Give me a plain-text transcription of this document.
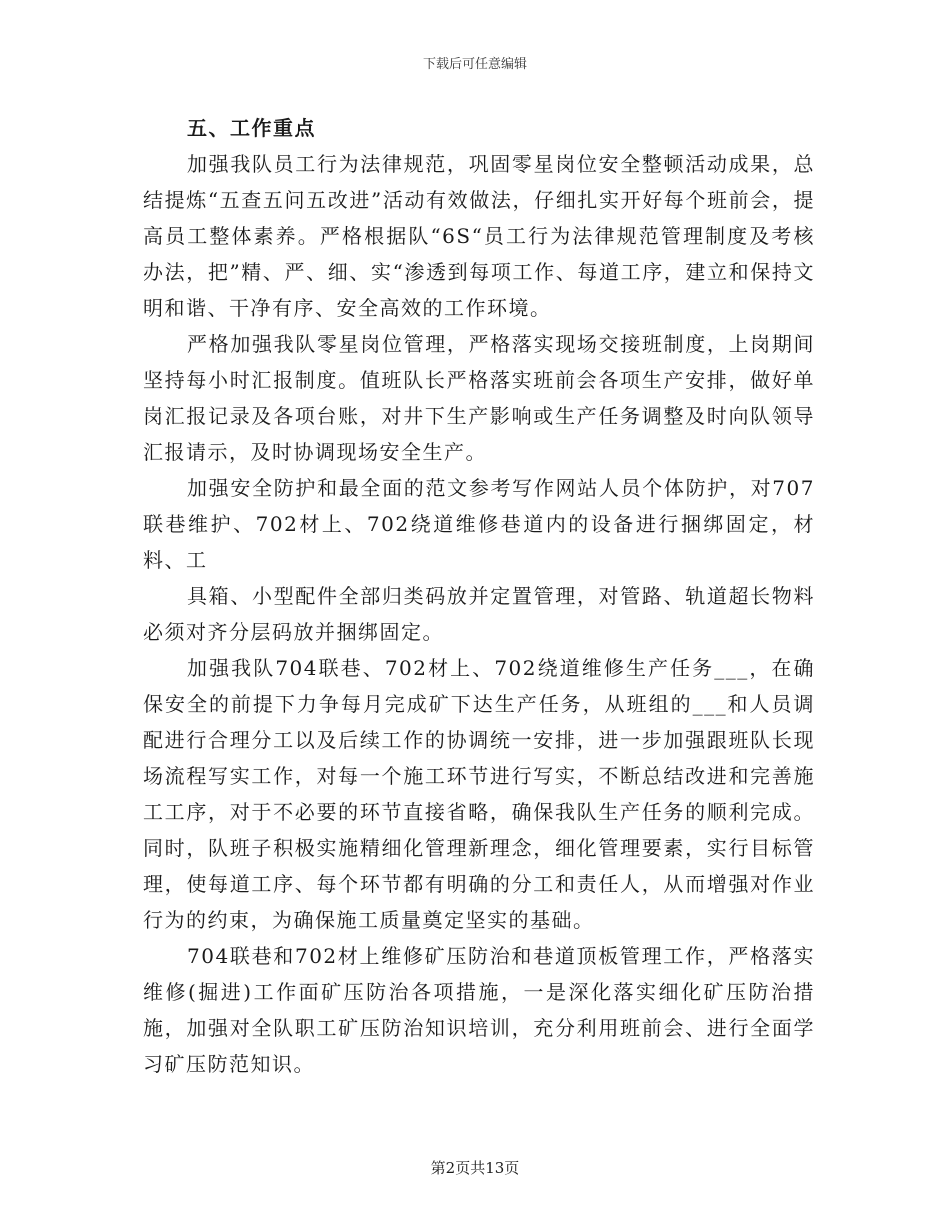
下载后可任意编辑
五、工作重点

加强我队员工行为法律规范，巩固零星岗位安全整顿活动成果，总结提炼“五查五问五改进”活动有效做法，仔细扎实开好每个班前会，提高员工整体素养。严格根据队“6S“员工行为法律规范管理制度及考核办法，把”精、严、细、实“渗透到每项工作、每道工序，建立和保持文明和谐、干净有序、安全高效的工作环境。

严格加强我队零星岗位管理，严格落实现场交接班制度，上岗期间坚持每小时汇报制度。值班队长严格落实班前会各项生产安排，做好单岗汇报记录及各项台账，对井下生产影响或生产任务调整及时向队领导汇报请示，及时协调现场安全生产。

加强安全防护和最全面的范文参考写作网站人员个体防护，对707联巷维护、702材上、702绕道维修巷道内的设备进行捆绑固定，材料、工

具箱、小型配件全部归类码放并定置管理，对管路、轨道超长物料必须对齐分层码放并捆绑固定。

加强我队704联巷、702材上、702绕道维修生产任务___，在确保安全的前提下力争每月完成矿下达生产任务，从班组的___和人员调配进行合理分工以及后续工作的协调统一安排，进一步加强跟班队长现场流程写实工作，对每一个施工环节进行写实，不断总结改进和完善施工工序，对于不必要的环节直接省略，确保我队生产任务的顺利完成。同时，队班子积极实施精细化管理新理念，细化管理要素，实行目标管理，使每道工序、每个环节都有明确的分工和责任人，从而增强对作业行为的约束，为确保施工质量奠定坚实的基础。

704联巷和702材上维修矿压防治和巷道顶板管理工作，严格落实维修(掘进)工作面矿压防治各项措施，一是深化落实细化矿压防治措施，加强对全队职工矿压防治知识培训，充分利用班前会、进行全面学习矿压防范知识。

第2页共13页
